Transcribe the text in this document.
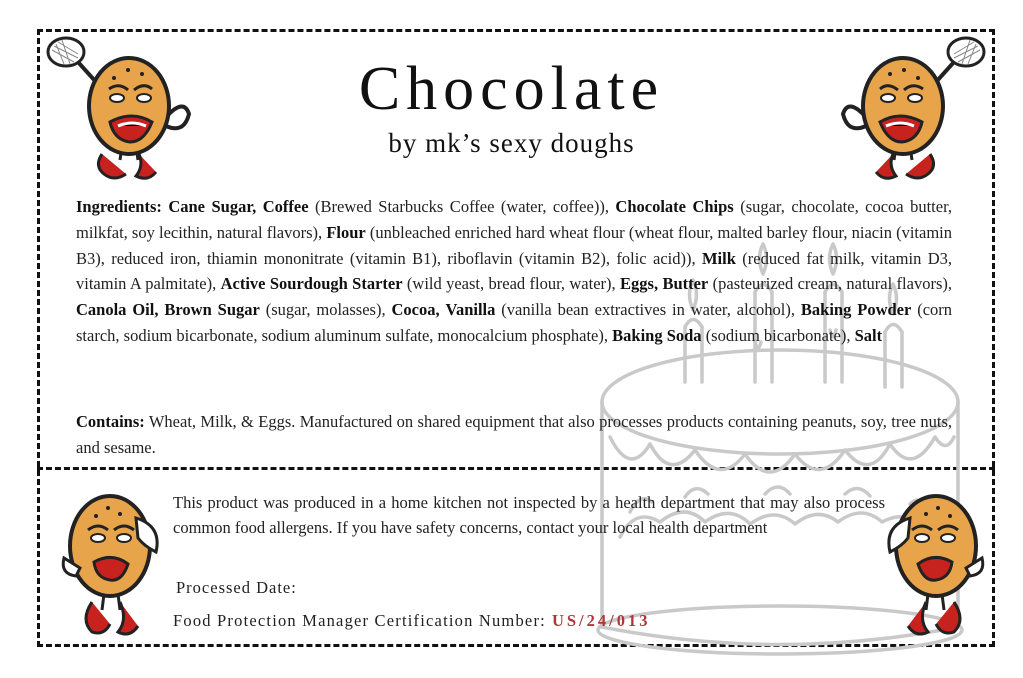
Chocolate
by mk’s sexy doughs

Ingredients: Cane Sugar, Coffee (Brewed Starbucks Coffee (water, coffee)), Chocolate Chips (sugar, chocolate, cocoa butter, milkfat, soy lecithin, natural flavors), Flour (unbleached enriched hard wheat flour (wheat flour, malted barley flour, niacin (vitamin B3), reduced iron, thiamin mononitrate (vitamin B1), riboflavin (vitamin B2), folic acid)), Milk (reduced fat milk, vitamin D3, vitamin A palmitate), Active Sourdough Starter (wild yeast, bread flour, water), Eggs, Butter (pasteurized cream, natural flavors), Canola Oil, Brown Sugar (sugar, molasses), Cocoa, Vanilla (vanilla bean extractives in water, alcohol), Baking Powder (corn starch, sodium bicarbonate, sodium aluminum sulfate, monocalcium phosphate), Baking Soda (sodium bicarbonate), Salt

Contains: Wheat, Milk, & Eggs. Manufactured on shared equipment that also processes products containing peanuts, soy, tree nuts, and sesame.

This product was produced in a home kitchen not inspected by a health department that may also process common food allergens. If you have safety concerns, contact your local health department

Processed Date:
Food Protection Manager Certification Number: US/24/013
